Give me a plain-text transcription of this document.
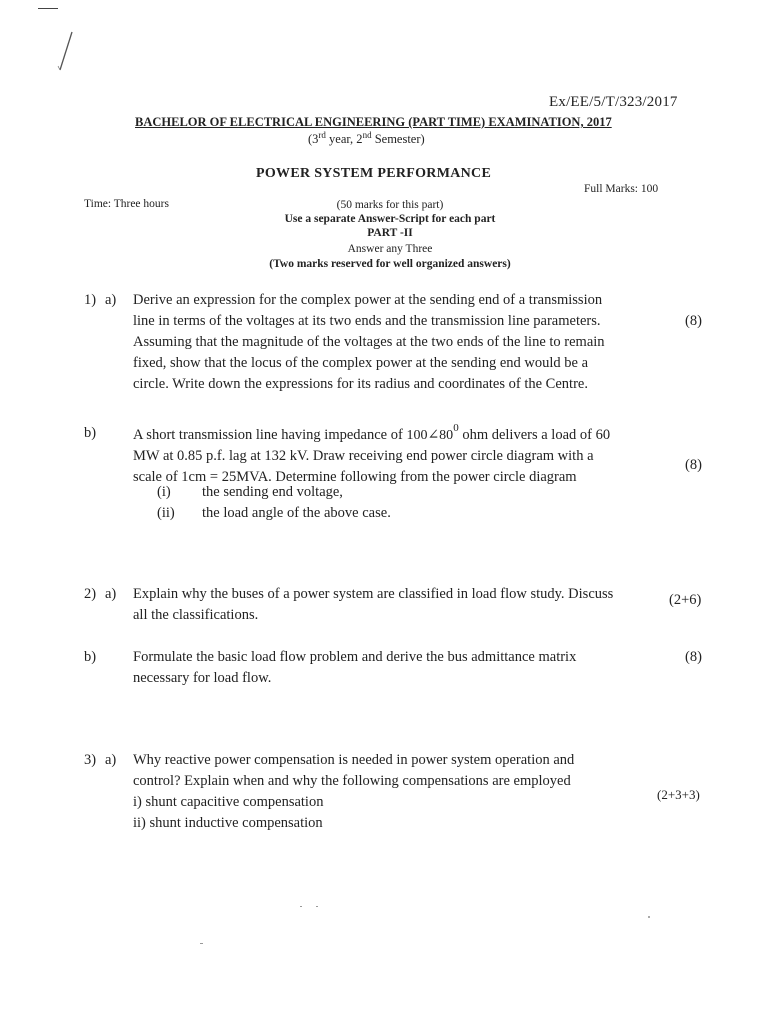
Ex/EE/5/T/323/2017
BACHELOR OF ELECTRICAL ENGINEERING (PART TIME) EXAMINATION, 2017
(3rd year, 2nd Semester)
POWER SYSTEM PERFORMANCE
Full Marks: 100
Time: Three hours	(50 marks for this part)
Use a separate Answer-Script for each part
PART -II
Answer any Three
(Two marks reserved for well organized answers)
1) a) Derive an expression for the complex power at the sending end of a transmission
line in terms of the voltages at its two ends and the transmission line parameters.
Assuming that the magnitude of the voltages at the two ends of the line to remain
fixed, show that the locus of the complex power at the sending end would be a
circle. Write down the expressions for its radius and coordinates of the Centre.
(8)
b)	A short transmission line having impedance of $100\angle 80^0$ ohm delivers a load of 60
MW at 0.85 p.f. lag at 132 kV. Draw receiving end power circle diagram with a
scale of 1cm = 25MVA. Determine following from the power circle diagram
(i) the sending end voltage,
(ii) the load angle of the above case.
(8)
2) a) Explain why the buses of a power system are classified in load flow study. Discuss
all the classifications.
(2+6)
b)	Formulate the basic load flow problem and derive the bus admittance matrix
necessary for load flow.
(8)
3) a) Why reactive power compensation is needed in power system operation and
control? Explain when and why the following compensations are employed
i) shunt capacitive compensation
ii) shunt inductive compensation
(2+3+3)
